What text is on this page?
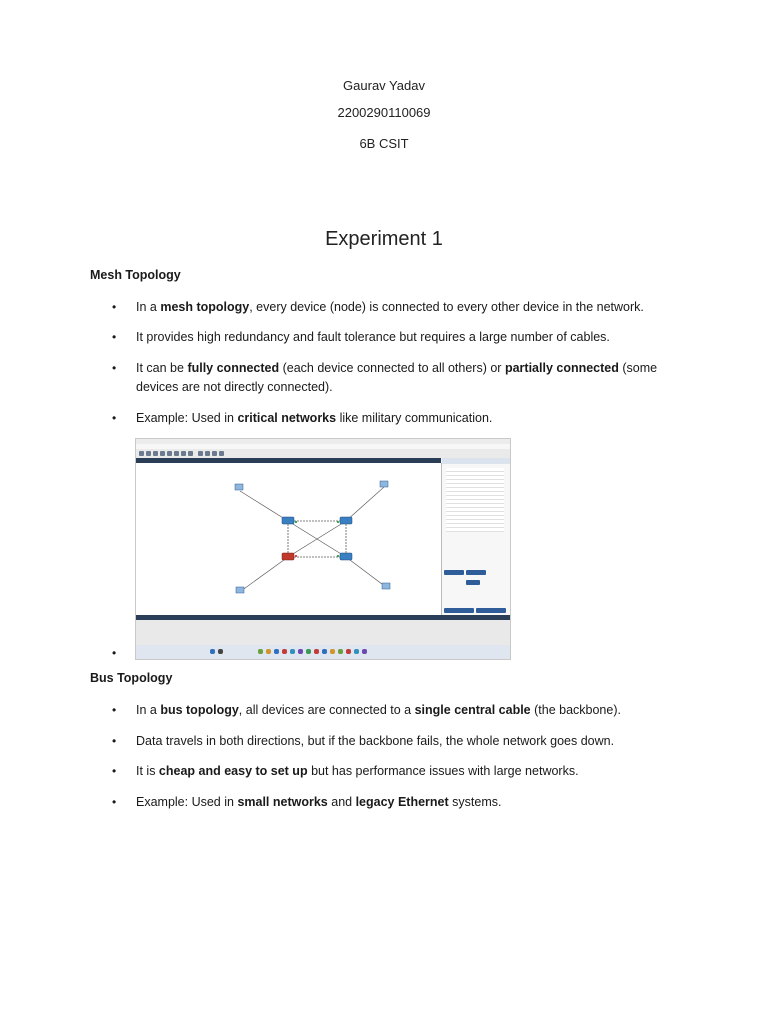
Gaurav Yadav
2200290110069
6B CSIT
Experiment 1
Mesh Topology
• In a mesh topology, every device (node) is connected to every other device in the network.
• It provides high redundancy and fault tolerance but requires a large number of cables.
• It can be fully connected (each device connected to all others) or partially connected (some devices are not directly connected).
• Example: Used in critical networks like military communication.
•
Bus Topology
• In a bus topology, all devices are connected to a single central cable (the backbone).
• Data travels in both directions, but if the backbone fails, the whole network goes down.
• It is cheap and easy to set up but has performance issues with large networks.
• Example: Used in small networks and legacy Ethernet systems.
